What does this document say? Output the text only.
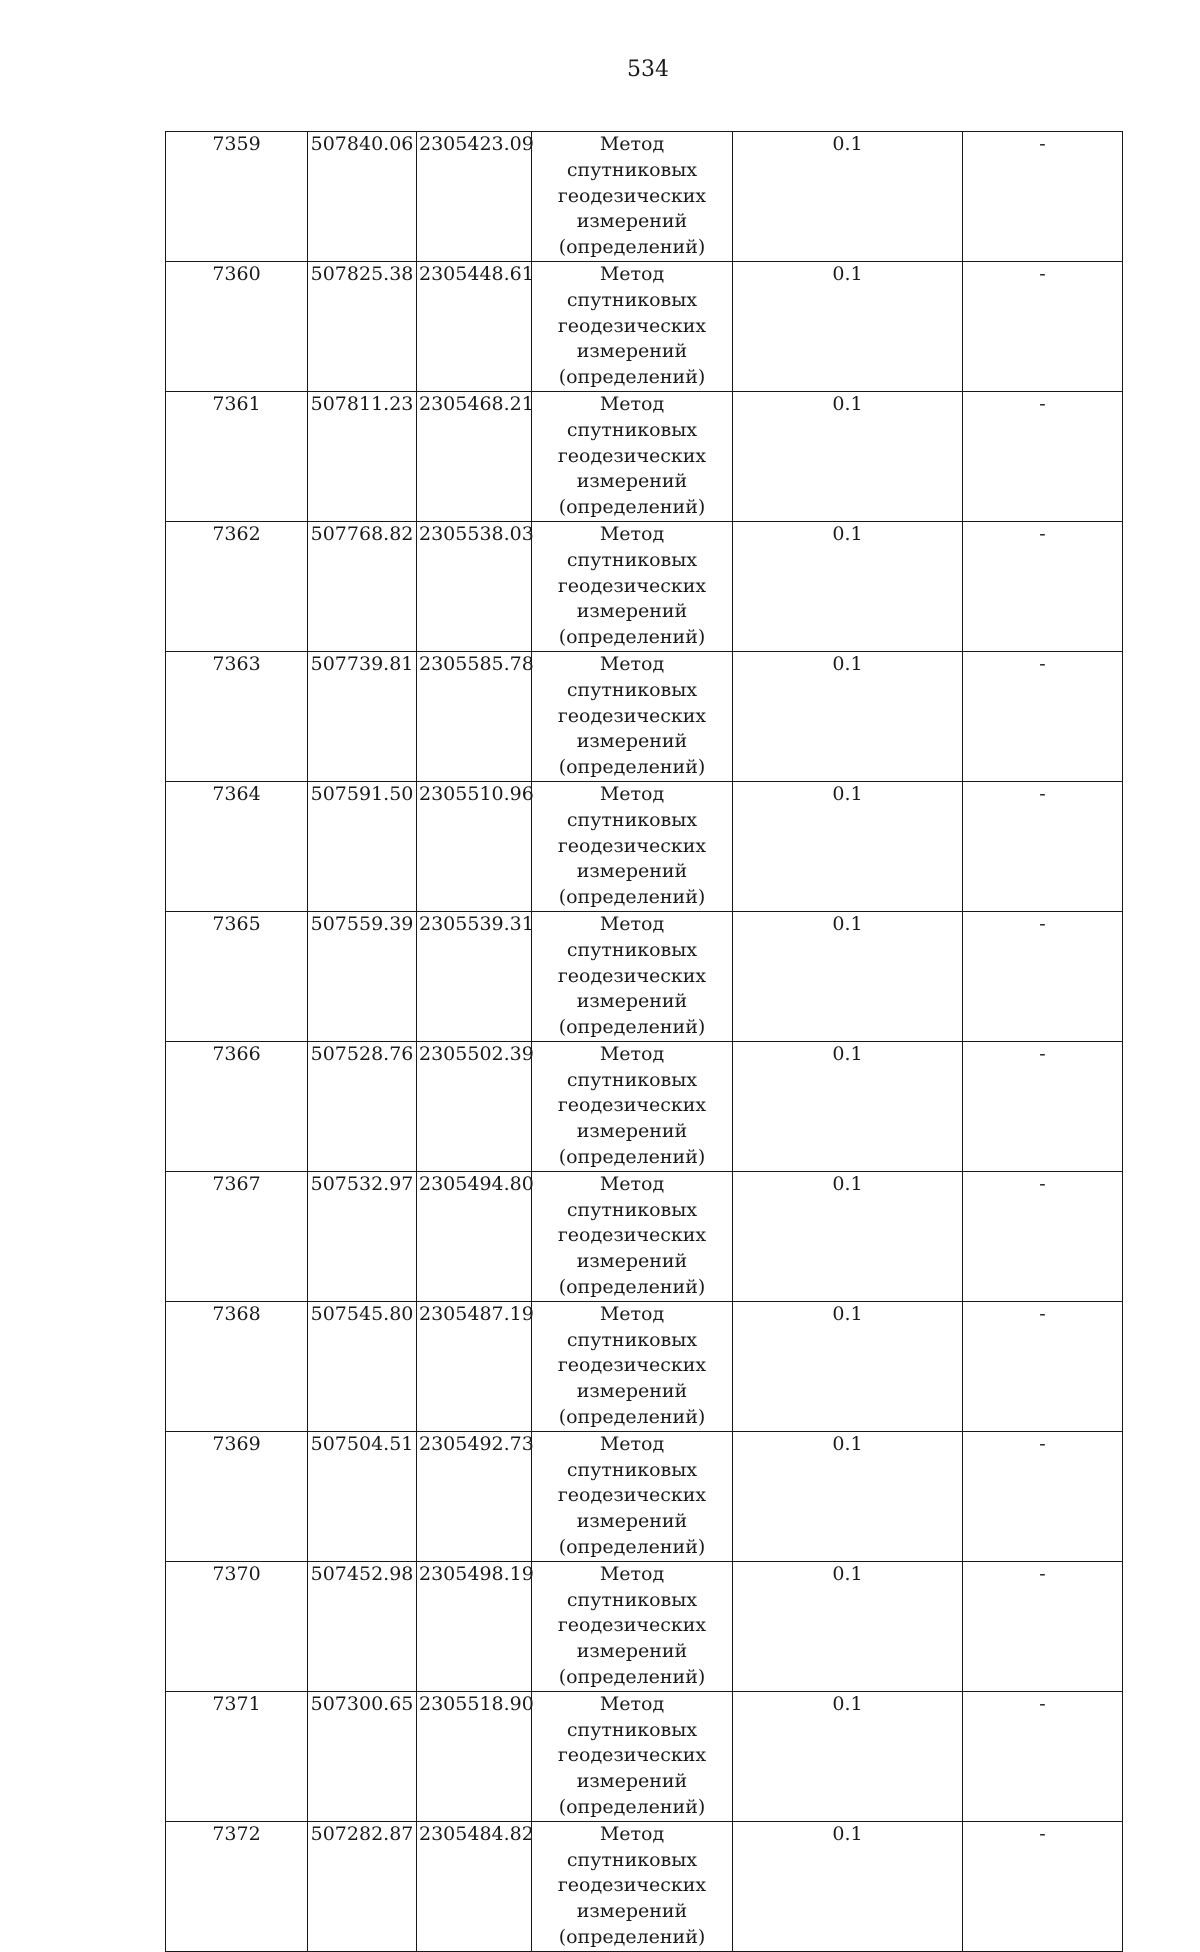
534
7359	507840.06	2305423.09	Метод спутниковых геодезических измерений (определений)	0.1	-
7360	507825.38	2305448.61	Метод спутниковых геодезических измерений (определений)	0.1	-
7361	507811.23	2305468.21	Метод спутниковых геодезических измерений (определений)	0.1	-
7362	507768.82	2305538.03	Метод спутниковых геодезических измерений (определений)	0.1	-
7363	507739.81	2305585.78	Метод спутниковых геодезических измерений (определений)	0.1	-
7364	507591.50	2305510.96	Метод спутниковых геодезических измерений (определений)	0.1	-
7365	507559.39	2305539.31	Метод спутниковых геодезических измерений (определений)	0.1	-
7366	507528.76	2305502.39	Метод спутниковых геодезических измерений (определений)	0.1	-
7367	507532.97	2305494.80	Метод спутниковых геодезических измерений (определений)	0.1	-
7368	507545.80	2305487.19	Метод спутниковых геодезических измерений (определений)	0.1	-
7369	507504.51	2305492.73	Метод спутниковых геодезических измерений (определений)	0.1	-
7370	507452.98	2305498.19	Метод спутниковых геодезических измерений (определений)	0.1	-
7371	507300.65	2305518.90	Метод спутниковых геодезических измерений (определений)	0.1	-
7372	507282.87	2305484.82	Метод спутниковых геодезических измерений (определений)	0.1	-
